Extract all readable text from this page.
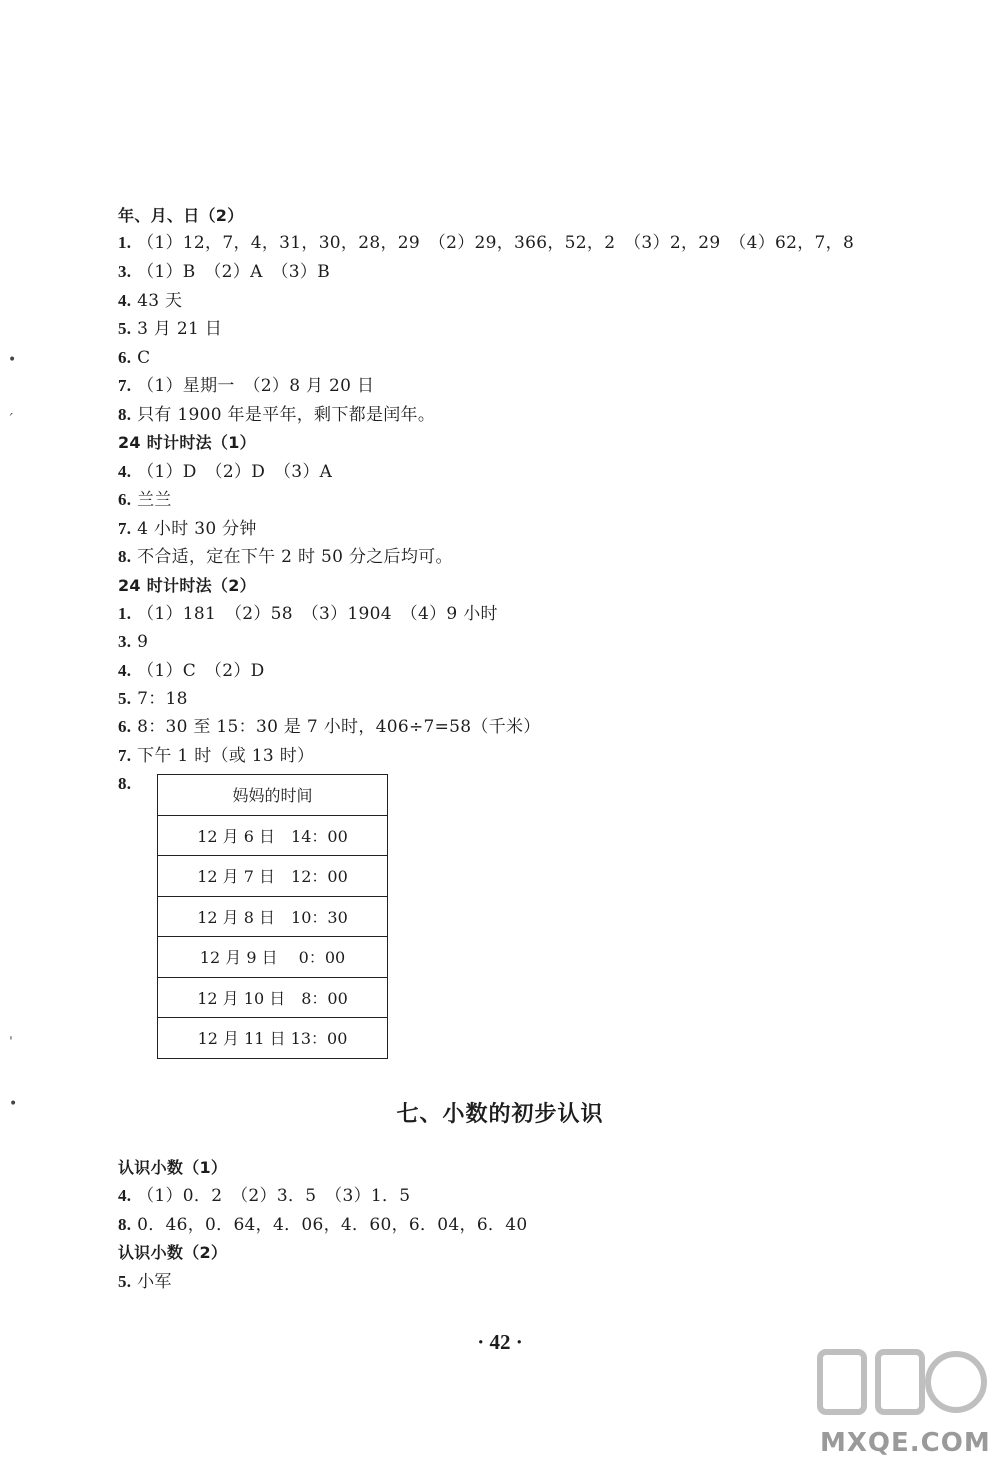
年、月、日（2）
1. （1）12，7，4，31，30，28，29　（2）29，366，52，2　（3）2，29　（4）62，7，8
3. （1）B　（2）A　（3）B
4. 43 天
5. 3 月 21 日
6. C
7. （1）星期一　（2）8 月 20 日
8. 只有 1900 年是平年，剩下都是闰年。
24 时计时法（1）
4. （1）D　（2）D　（3）A
6. 兰兰
7. 4 小时 30 分钟
8. 不合适，定在下午 2 时 50 分之后均可。
24 时计时法（2）
1. （1）181　（2）58　（3）1904　（4）9 小时
3. 9
4. （1）C　（2）D
5. 7：18
6. 8：30 至 15：30 是 7 小时，406÷7=58（千米）
7. 下午 1 时（或 13 时）
8.
妈妈的时间
12 月 6 日　14：00
12 月 7 日　12：00
12 月 8 日　10：30
12 月 9 日　 0：00
12 月 10 日　8：00
12 月 11 日 13：00
七、小数的初步认识
认识小数（1）
4. （1）0．2　（2）3．5　（3）1．5
8. 0．46，0．64，4．06，4．60，6．04，6．40
认识小数（2）
5. 小军
· 42 ·
•
ˊ
ˈ
•
MXQE.COM
